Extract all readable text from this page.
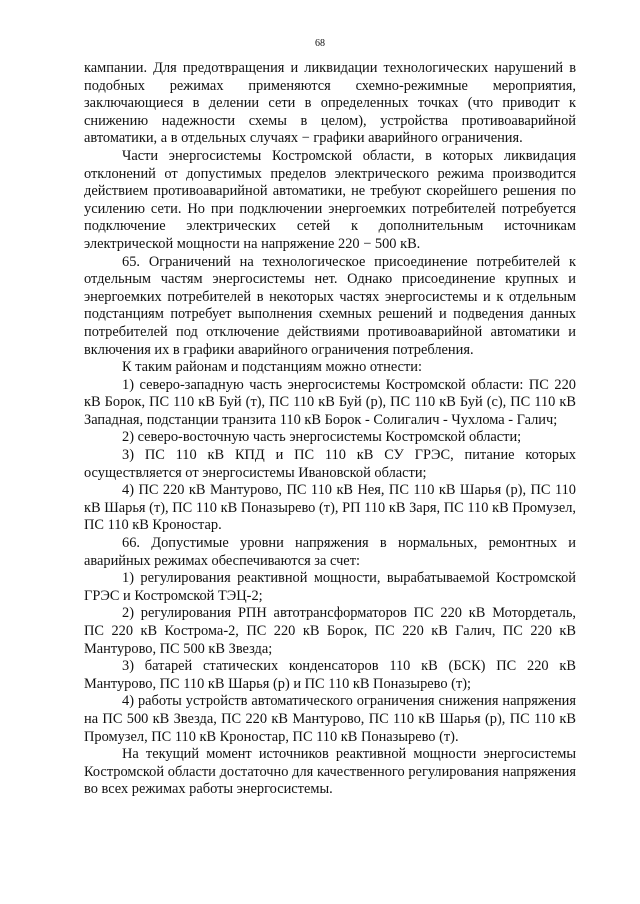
68

кампании. Для предотвращения и ликвидации технологических нарушений в подобных режимах применяются схемно-режимные мероприятия, заключающиеся в делении сети в определенных точках (что приводит к снижению надежности схемы в целом), устройства противоаварийной автоматики, а в отдельных случаях − графики аварийного ограничения.

Части энергосистемы Костромской области, в которых ликвидация отклонений от допустимых пределов электрического режима производится действием противоаварийной автоматики, не требуют скорейшего решения по усилению сети. Но при подключении энергоемких потребителей потребуется подключение электрических сетей к дополнительным источникам электрической мощности на напряжение 220 − 500 кВ.

65. Ограничений на технологическое присоединение потребителей к отдельным частям энергосистемы нет. Однако присоединение крупных и энергоемких потребителей в некоторых частях энергосистемы и к отдельным подстанциям потребует выполнения схемных решений и подведения данных потребителей под отключение действиями противоаварийной автоматики и включения их в графики аварийного ограничения потребления.

К таким районам и подстанциям можно отнести:

1) северо-западную часть энергосистемы Костромской области: ПС 220 кВ Борок, ПС 110 кВ Буй (т), ПС 110 кВ Буй (р), ПС 110 кВ Буй (с), ПС 110 кВ Западная, подстанции транзита 110 кВ Борок - Солигалич - Чухлома - Галич;

2) северо-восточную часть энергосистемы Костромской области;

3) ПС 110 кВ КПД и ПС 110 кВ СУ ГРЭС, питание которых осуществляется от энергосистемы Ивановской области;

4) ПС 220 кВ Мантурово, ПС 110 кВ Нея, ПС 110 кВ Шарья (р), ПС 110 кВ Шарья (т), ПС 110 кВ Поназырево (т), РП 110 кВ Заря, ПС 110 кВ Промузел, ПС 110 кВ Кроностар.

66. Допустимые уровни напряжения в нормальных, ремонтных и аварийных режимах обеспечиваются за счет:

1) регулирования реактивной мощности, вырабатываемой Костромской ГРЭС и Костромской ТЭЦ-2;

2) регулирования РПН автотрансформаторов ПС 220 кВ Мотордеталь, ПС 220 кВ Кострома-2, ПС 220 кВ Борок, ПС 220 кВ Галич, ПС 220 кВ Мантурово, ПС 500 кВ Звезда;

3) батарей статических конденсаторов 110 кВ (БСК) ПС 220 кВ Мантурово, ПС 110 кВ Шарья (р) и ПС 110 кВ Поназырево (т);

4) работы устройств автоматического ограничения снижения напряжения на ПС 500 кВ Звезда, ПС 220 кВ Мантурово, ПС 110 кВ Шарья (р), ПС 110 кВ Промузел, ПС 110 кВ Кроностар, ПС 110 кВ Поназырево (т).

На текущий момент источников реактивной мощности энергосистемы Костромской области достаточно для качественного регулирования напряжения во всех режимах работы энергосистемы.
